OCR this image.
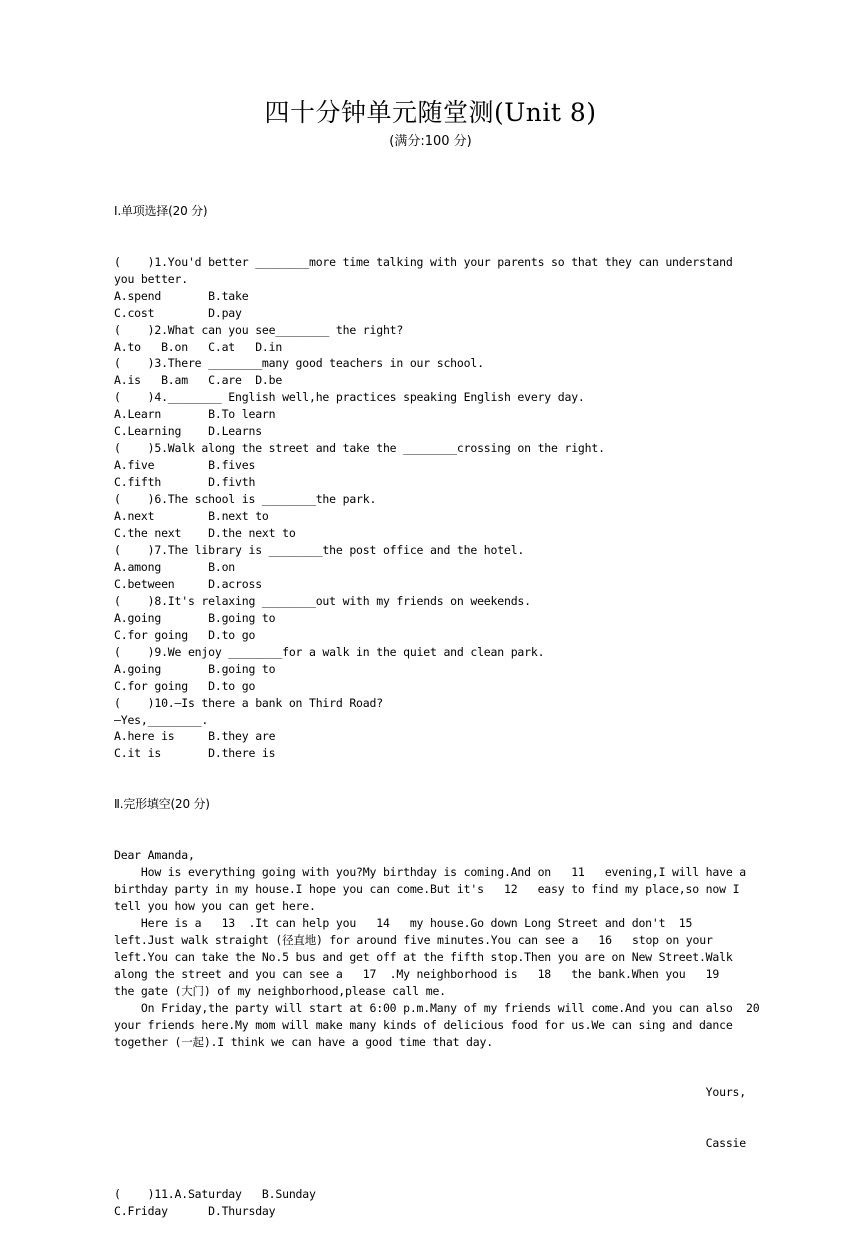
四十分钟单元随堂测(Unit 8)
(满分:100 分)

Ⅰ.单项选择(20 分)

(    )1.You'd better ________more time talking with your parents so that they can understand
you better.
A.spend       B.take
C.cost        D.pay
(    )2.What can you see________ the right?
A.to   B.on   C.at   D.in
(    )3.There ________many good teachers in our school.
A.is   B.am   C.are  D.be
(    )4.________ English well,he practices speaking English every day.
A.Learn       B.To learn
C.Learning    D.Learns
(    )5.Walk along the street and take the ________crossing on the right.
A.five        B.fives
C.fifth       D.fivth
(    )6.The school is ________the park.
A.next        B.next to
C.the next    D.the next to
(    )7.The library is ________the post office and the hotel.
A.among       B.on
C.between     D.across
(    )8.It's relaxing ________out with my friends on weekends.
A.going       B.going to
C.for going   D.to go
(    )9.We enjoy ________for a walk in the quiet and clean park.
A.going       B.going to
C.for going   D.to go
(    )10.—Is there a bank on Third Road?
—Yes,________.
A.here is     B.they are
C.it is       D.there is

Ⅱ.完形填空(20 分)

Dear Amanda,
How is everything going with you?My birthday is coming.And on   11   evening,I will have a
birthday party in my house.I hope you can come.But it's   12   easy to find my place,so now I
tell you how you can get here.
Here is a   13  .It can help you   14   my house.Go down Long Street and don't  15
left.Just walk straight (径直地) for around five minutes.You can see a   16   stop on your
left.You can take the No.5 bus and get off at the fifth stop.Then you are on New Street.Walk
along the street and you can see a   17  .My neighborhood is   18   the bank.When you   19
the gate (大门) of my neighborhood,please call me.
On Friday,the party will start at 6:00 p.m.Many of my friends will come.And you can also  20
your friends here.My mom will make many kinds of delicious food for us.We can sing and dance
together (一起).I think we can have a good time that day.

Yours,

Cassie

(    )11.A.Saturday   B.Sunday
C.Friday      D.Thursday
